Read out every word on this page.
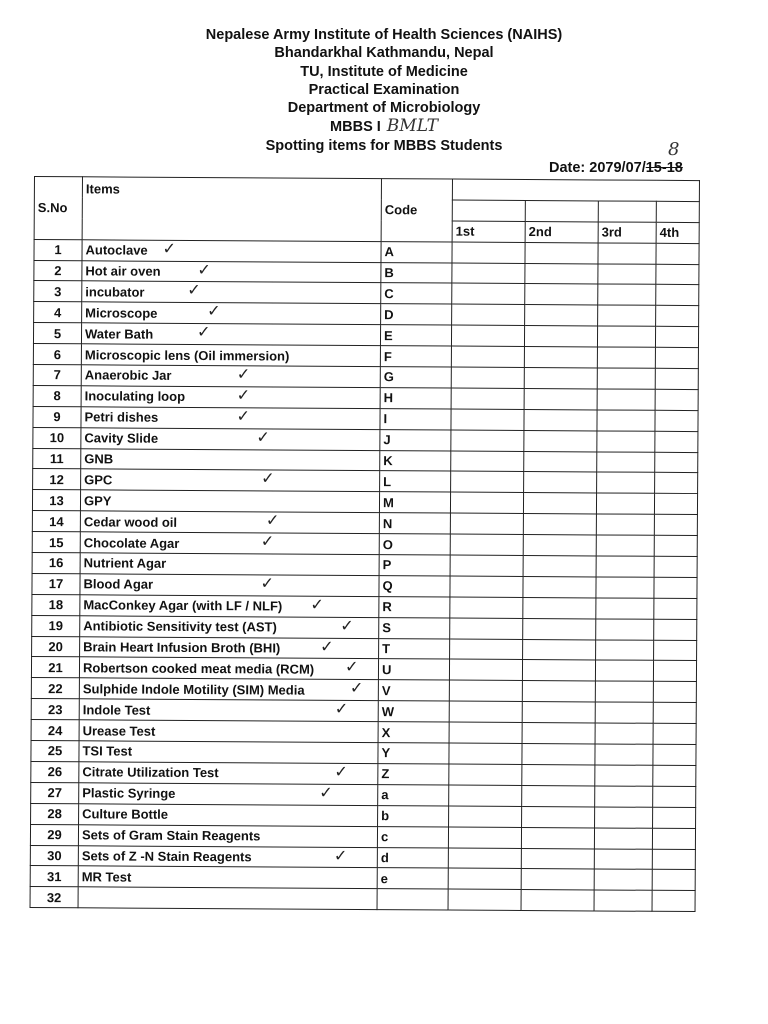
Nepalese Army Institute of Health Sciences (NAIHS)
Bhandarkhal Kathmandu, Nepal
TU, Institute of Medicine
Practical Examination
Department of Microbiology
MBBS I BMLT
Spotting items for MBBS Students	8
Date: 2079/07/15-18
S.No	Items	Code				

			1st	2nd	3rd	4th
1	Autoclave ✓	A				
2	Hot air oven ✓	B				
3	incubator ✓	C				
4	Microscope ✓	D				
5	Water Bath ✓	E				
6	Microscopic lens (Oil immersion)	F				
7	Anaerobic Jar ✓	G				
8	Inoculating loop ✓	H				
9	Petri dishes ✓	I				
10	Cavity Slide ✓	J				
11	GNB	K				
12	GPC ✓	L				
13	GPY	M				
14	Cedar wood oil ✓	N				
15	Chocolate Agar ✓	O				
16	Nutrient Agar	P				
17	Blood Agar ✓	Q				
18	MacConkey Agar (with LF / NLF) ✓	R				
19	Antibiotic Sensitivity test (AST) ✓	S				
20	Brain Heart Infusion Broth (BHI) ✓	T				
21	Robertson cooked meat media (RCM) ✓	U				
22	Sulphide Indole Motility (SIM) Media ✓	V				
23	Indole Test ✓	W				
24	Urease Test	X				
25	TSI Test	Y				
26	Citrate Utilization Test ✓	Z				
27	Plastic Syringe ✓	a				
28	Culture Bottle	b				
29	Sets of Gram Stain Reagents	c				
30	Sets of Z -N Stain Reagents ✓	d				
31	MR Test	e				
32						
